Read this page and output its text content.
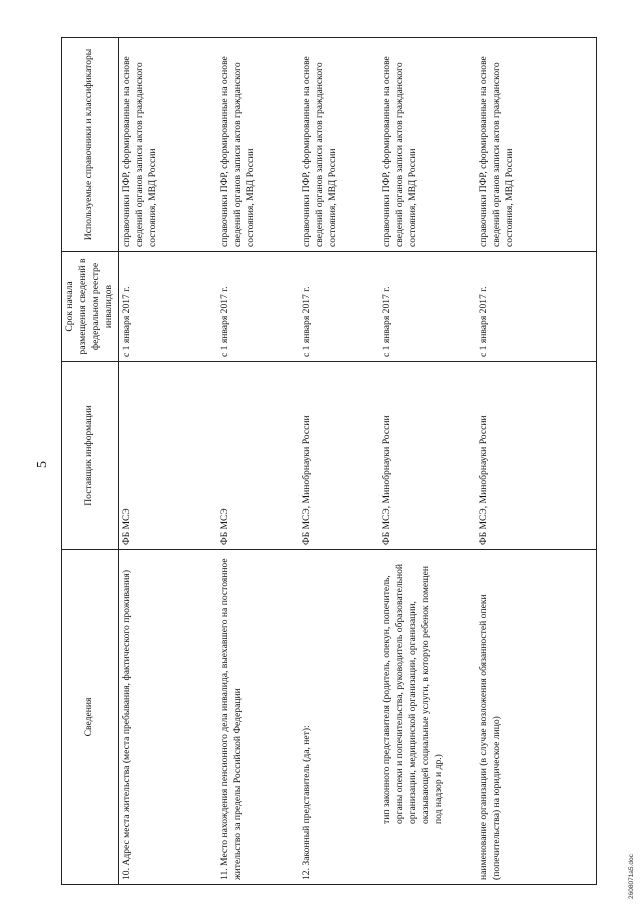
5
Сведения	Поставщик информации	Срок начала размещения сведений в федеральном реестре инвалидов	Используемые справочники и классификаторы
10. Адрес места жительства (места пребывания, фактического проживания)	ФБ МСЭ	с 1 января 2017 г.	справочники ПФР, сформированные на основе сведений органов записи актов гражданского состояния, МВД России
11. Место нахождения пенсионного дела инвалида, выехавшего на постоянное жительство за пределы Российской Федерации	ФБ МСЭ	с 1 января 2017 г.	справочники ПФР, сформированные на основе сведений органов записи актов гражданского состояния, МВД России
12. Законный представитель (да, нет):	ФБ МСЭ, Минобрнауки России	с 1 января 2017 г.	справочники ПФР, сформированные на основе сведений органов записи актов гражданского состояния, МВД России
тип законного представителя (родитель, опекун, попечитель, органы опеки и попечительства, руководитель образовательной организации, медицинской организации, организации, оказывающей социальные услуги, в которую ребенок помещен под надзор и др.)	ФБ МСЭ, Минобрнауки России	с 1 января 2017 г.	справочники ПФР, сформированные на основе сведений органов записи актов гражданского состояния, МВД России
наименование организации (в случае возложения обязанностей опеки (попечительства) на юридическое лицо)	ФБ МСЭ, Минобрнауки России	с 1 января 2017 г.	справочники ПФР, сформированные на основе сведений органов записи актов гражданского состояния, МВД России
2608071а5.doc
